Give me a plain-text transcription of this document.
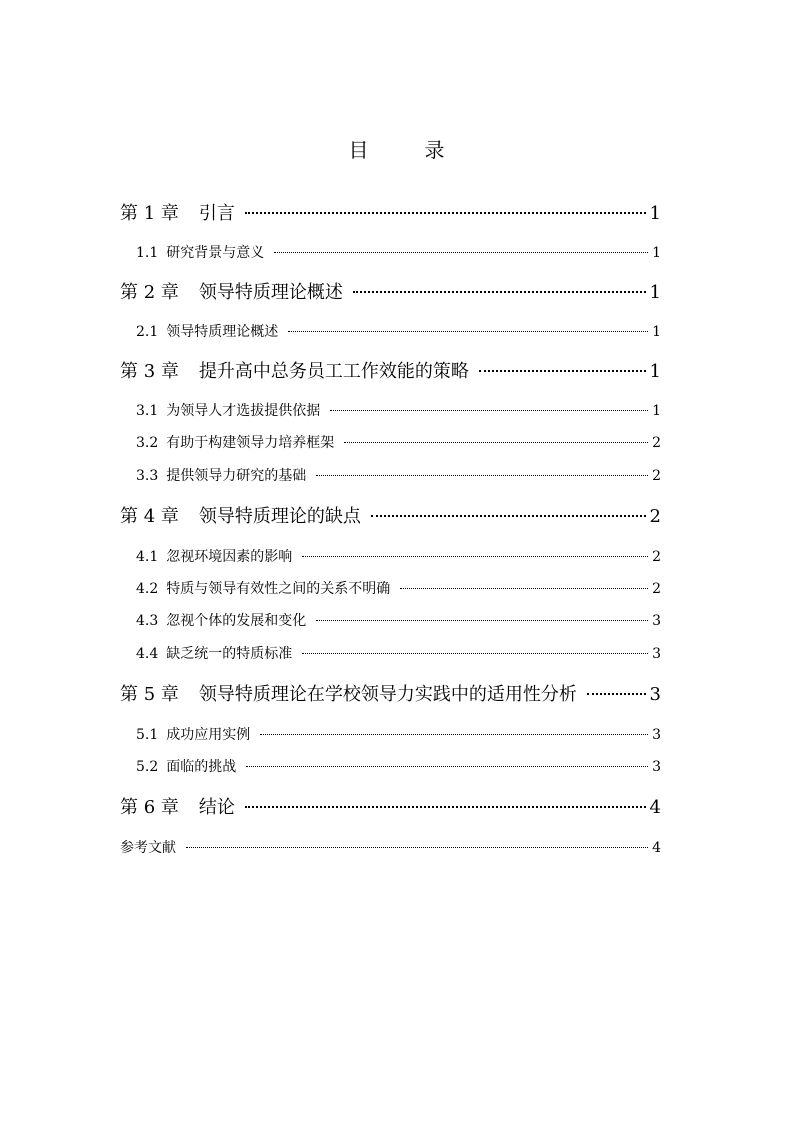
目　录
第 1 章 引言	1
1.1 研究背景与意义	1
第 2 章 领导特质理论概述	1
2.1 领导特质理论概述	1
第 3 章 提升高中总务员工工作效能的策略	1
3.1 为领导人才选拔提供依据	1
3.2 有助于构建领导力培养框架	2
3.3 提供领导力研究的基础	2
第 4 章 领导特质理论的缺点	2
4.1 忽视环境因素的影响	2
4.2 特质与领导有效性之间的关系不明确	2
4.3 忽视个体的发展和变化	3
4.4 缺乏统一的特质标准	3
第 5 章 领导特质理论在学校领导力实践中的适用性分析	3
5.1 成功应用实例	3
5.2 面临的挑战	3
第 6 章 结论	4
参考文献	4
